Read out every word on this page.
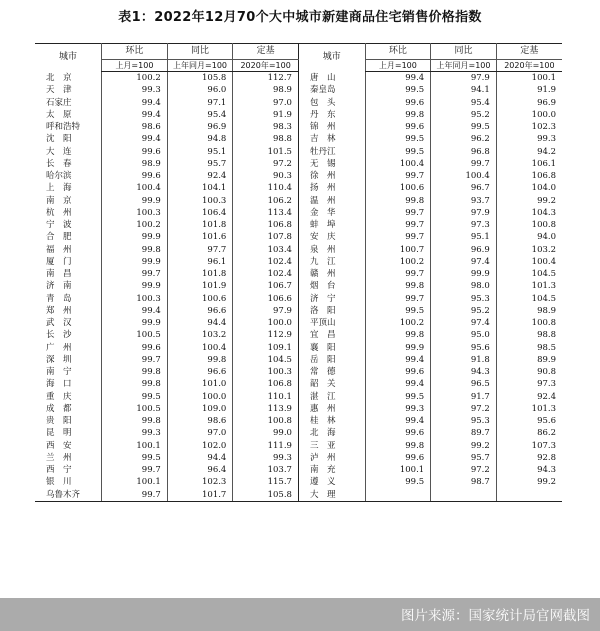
表1：2022年12月70个大中城市新建商品住宅销售价格指数
城市	环比	同比	定基	城市	环比	同比	定基
	上月=100	上年同月=100	2020年=100		上月=100	上年同月=100	2020年=100
北　京	100.2	105.8	112.7	唐　山	99.4	97.9	100.1
天　津	99.3	96.0	98.9	秦皇岛	99.5	94.1	91.9
石家庄	99.4	97.1	97.0	包　头	99.6	95.4	96.9
太　原	99.4	95.4	91.9	丹　东	99.8	95.2	100.0
呼和浩特	98.6	96.9	98.3	锦　州	99.6	99.5	102.3
沈　阳	99.4	94.8	98.8	吉　林	99.5	96.2	99.3
大　连	99.6	95.1	101.5	牡丹江	99.5	96.8	94.2
长　春	98.9	95.7	97.2	无　锡	100.4	99.7	106.1
哈尔滨	99.6	92.4	90.3	徐　州	99.7	100.4	106.8
上　海	100.4	104.1	110.4	扬　州	100.6	96.7	104.0
南　京	99.9	100.3	106.2	温　州	99.8	93.7	99.2
杭　州	100.3	106.4	113.4	金　华	99.7	97.9	104.3
宁　波	100.2	101.8	106.8	蚌　埠	99.7	97.3	100.8
合　肥	99.9	101.6	107.8	安　庆	99.7	95.1	94.0
福　州	99.8	97.7	103.4	泉　州	100.7	96.9	103.2
厦　门	99.9	96.1	102.4	九　江	100.2	97.4	100.4
南　昌	99.7	101.8	102.4	赣　州	99.7	99.9	104.5
济　南	99.9	101.9	106.7	烟　台	99.8	98.0	101.3
青　岛	100.3	100.6	106.6	济　宁	99.7	95.3	104.5
郑　州	99.4	96.6	97.9	洛　阳	99.5	95.2	98.9
武　汉	99.9	94.4	100.0	平顶山	100.2	97.4	100.8
长　沙	100.5	103.2	112.9	宜　昌	99.8	95.0	98.8
广　州	99.6	100.4	109.1	襄　阳	99.9	95.6	98.5
深　圳	99.7	99.8	104.5	岳　阳	99.4	91.8	89.9
南　宁	99.8	96.6	100.3	常　德	99.6	94.3	90.8
海　口	99.8	101.0	106.8	韶　关	99.4	96.5	97.3
重　庆	99.5	100.0	110.1	湛　江	99.5	91.7	92.4
成　都	100.5	109.0	113.9	惠　州	99.3	97.2	101.3
贵　阳	99.8	98.6	100.8	桂　林	99.4	95.3	95.6
昆　明	99.3	97.0	99.0	北　海	99.6	89.7	86.2
西　安	100.1	102.0	111.9	三　亚	99.8	99.2	107.3
兰　州	99.5	94.4	99.3	泸　州	99.6	95.7	92.8
西　宁	99.7	96.4	103.7	南　充	100.1	97.2	94.3
银　川	100.1	102.3	115.7	遵　义	99.5	98.7	99.2
乌鲁木齐	99.7	101.7	105.8	大　理			
图片来源：国家统计局官网截图
